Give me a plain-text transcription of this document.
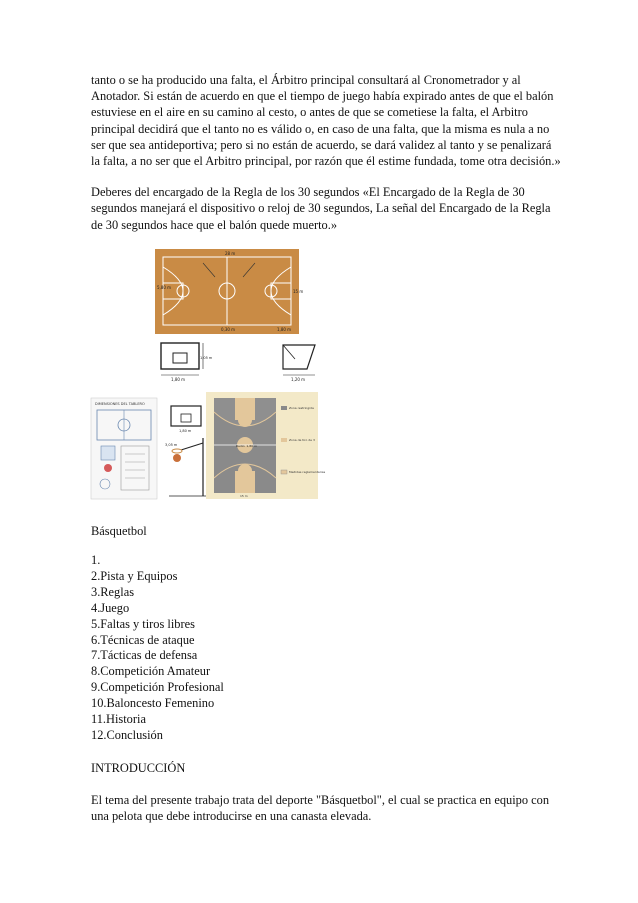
tanto o se ha producido una falta, el Árbitro principal consultará al Cronometrador y al Anotador. Si están de acuerdo en que el tiempo de juego había expirado antes de que el balón estuviese en el aire en su camino al cesto, o antes de que se cometiese la falta, el Arbitro principal decidirá que el tanto no es válido o, en caso de una falta, que la misma es nula a no ser que sea antideportiva; pero si no están de acuerdo, se dará validez al tanto y se penalizará la falta, a no ser que el Arbitro principal, por razón que él estime fundada, tome otra decisión.»

Deberes del encargado de la Regla de los 30 segundos «El Encargado de la Regla de 30 segundos manejará el dispositivo o reloj de 30 segundos, La señal del Encargado de la Regla de 30 segundos hace que el balón quede muerto.»

28 m
5,80 m
1,80 m
0,30 m
15 m
1,80 m
1,05 m
1,20 m
DIMENSIONES DEL TABLERO
1,80 m
3,05 m	Radio: 1,80 m
Zona restringida
Zona de tiro de 3
Medidas reglamentarias
15 m

Básquetbol

1.
2.Pista y Equipos
3.Reglas
4.Juego
5.Faltas y tiros libres
6.Técnicas de ataque
7.Tácticas de defensa
8.Competición Amateur
9.Competición Profesional
10.Baloncesto Femenino
11.Historia
12.Conclusión

INTRODUCCIÓN

El tema del presente trabajo trata del deporte "Básquetbol", el cual se practica en equipo con una pelota que debe introducirse en una canasta elevada.
